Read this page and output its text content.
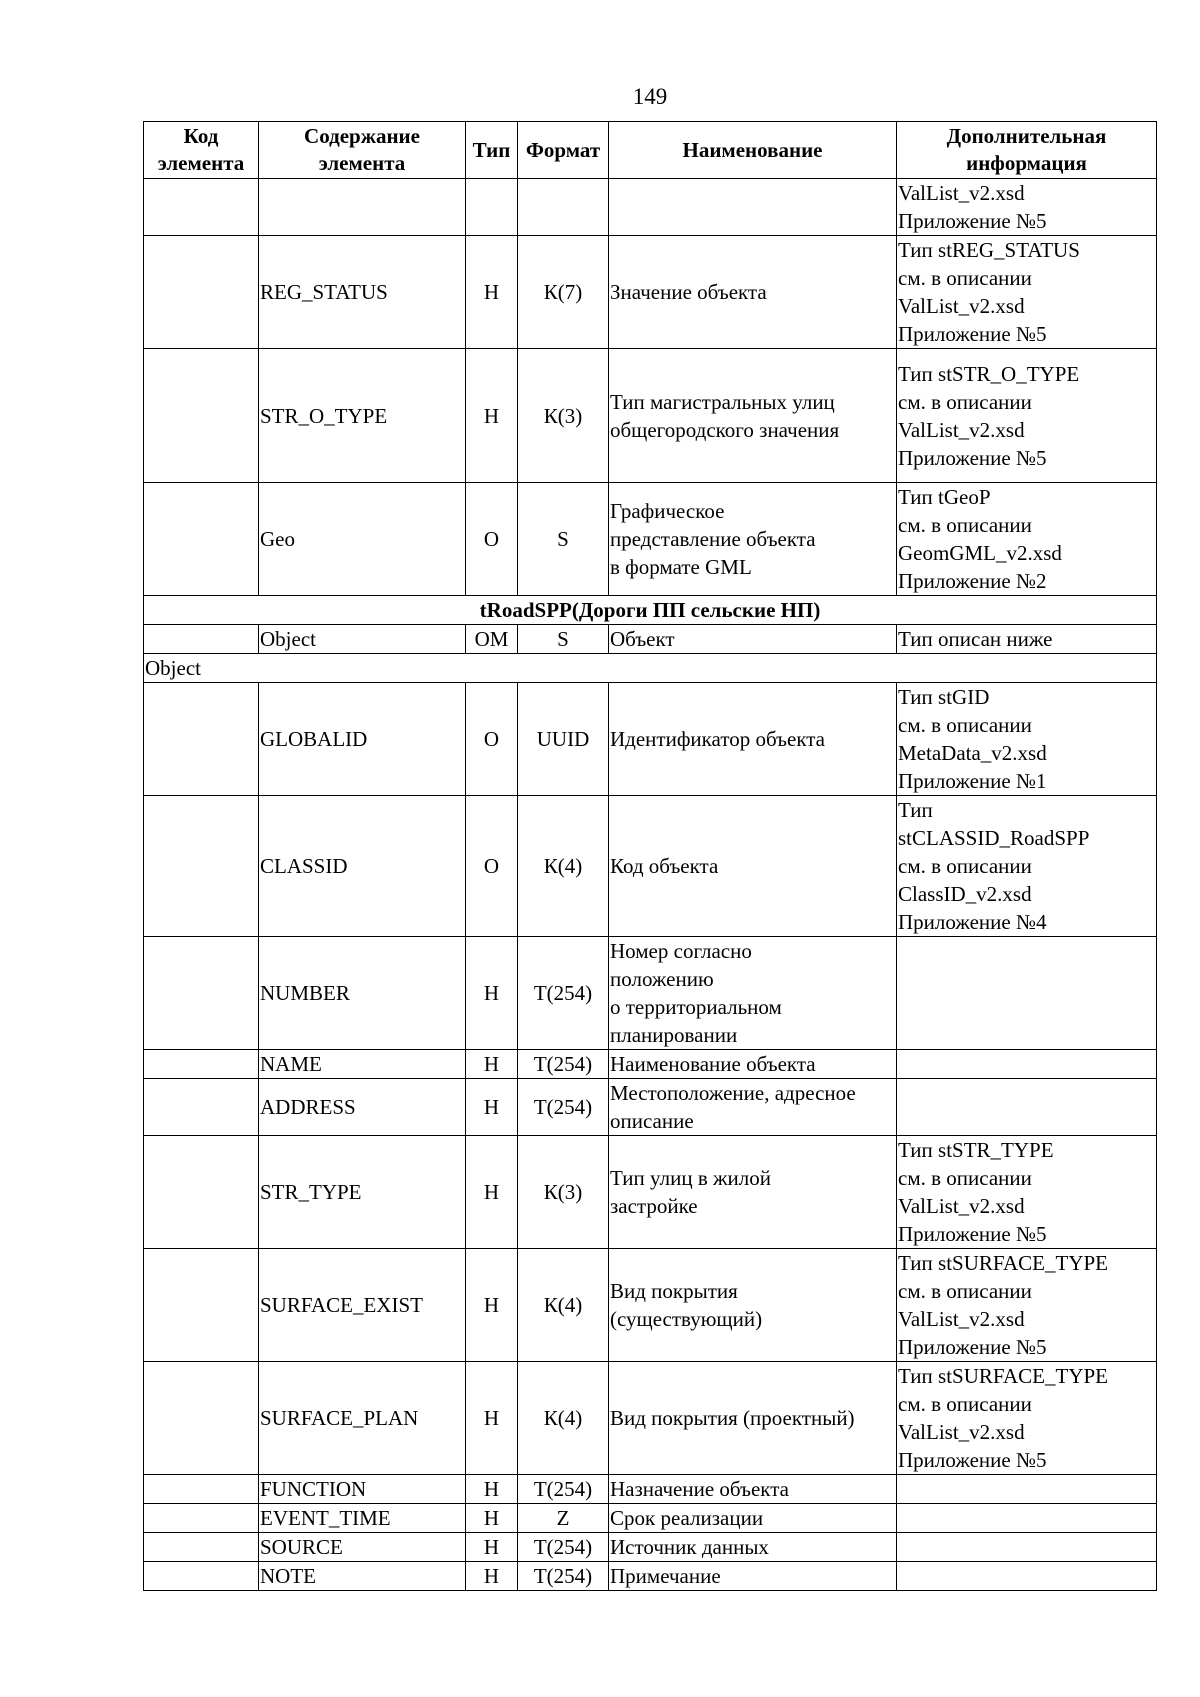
149
Код элемента	Содержание элемента	Тип	Формат	Наименование	Дополнительная информация
					ValList_v2.xsd
Приложение №5
	REG_STATUS	Н	К(7)	Значение объекта	Тип stREG_STATUS
см. в описании
ValList_v2.xsd
Приложение №5
	STR_O_TYPE	Н	К(3)	Тип магистральных улиц
общегородского значения	Тип stSTR_O_TYPE
см. в описании
ValList_v2.xsd
Приложение №5
	Geo	О	S	Графическое
представление объекта
в формате GML	Тип tGeoP
см. в описании
GeomGML_v2.xsd
Приложение №2
tRoadSPP(Дороги ПП сельские НП)					
	Object	ОМ	S	Объект	Тип описан ниже
Object					
	GLOBALID	О	UUID	Идентификатор объекта	Тип stGID
см. в описании
MetaData_v2.xsd
Приложение №1
	CLASSID	О	К(4)	Код объекта	Тип
stCLASSID_RoadSPP
см. в описании
ClassID_v2.xsd
Приложение №4
	NUMBER	Н	Т(254)	Номер согласно
положению
о территориальном
планировании	
	NAME	Н	Т(254)	Наименование объекта	
	ADDRESS	Н	Т(254)	Местоположение, адресное
описание	
	STR_TYPE	Н	К(3)	Тип улиц в жилой
застройке	Тип stSTR_TYPE
см. в описании
ValList_v2.xsd
Приложение №5
	SURFACE_EXIST	Н	К(4)	Вид покрытия
(существующий)	Тип stSURFACE_TYPE
см. в описании
ValList_v2.xsd
Приложение №5
	SURFACE_PLAN	Н	К(4)	Вид покрытия (проектный)	Тип stSURFACE_TYPE
см. в описании
ValList_v2.xsd
Приложение №5
	FUNCTION	Н	Т(254)	Назначение объекта	
	EVENT_TIME	Н	Z	Срок реализации	
	SOURCE	Н	Т(254)	Источник данных	
	NOTE	Н	Т(254)	Примечание	
